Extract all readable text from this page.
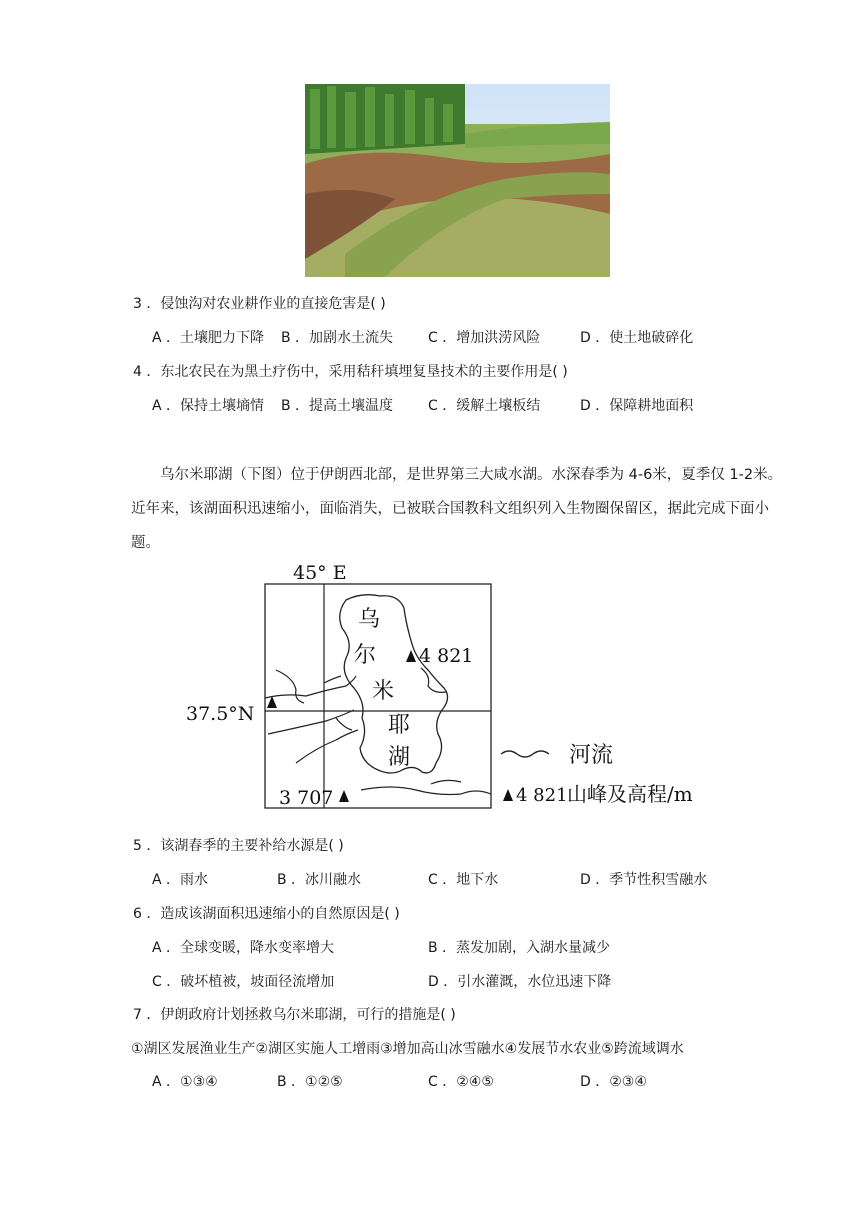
3 ．侵蚀沟对农业耕作业的直接危害是( )
A ．土壤肥力下降 B ．加剧水土流失 C ．增加洪涝风险	D ．使土地破碎化
4 ．东北农民在为黑土疗伤中，采用秸秆填埋复垦技术的主要作用是( )
A ．保持土壤墒情 B ．提高土壤温度 C ．缓解土壤板结	D ．保障耕地面积

乌尔米耶湖（下图）位于伊朗西北部，是世界第三大咸水湖。水深春季为 4-6米，夏季仅 1-2米。近年来，该湖面积迅速缩小，面临消失，已被联合国教科文组织列入生物圈保留区，据此完成下面小题。

45° E
37.5°N
乌
尔
米
耶
湖
4 821
3 707
河流
4 821 山峰及高程/m
5 ．该湖春季的主要补给水源是( )
A ．雨水	B ．冰川融水	C ．地下水	D ．季节性积雪融水
6 ．造成该湖面积迅速缩小的自然原因是( )
A ．全球变暖，降水变率增大	B ．蒸发加剧，入湖水量减少
C ．破坏植被，坡面径流增加	D ．引水灌溉，水位迅速下降
7 ．伊朗政府计划拯救乌尔米耶湖，可行的措施是( )
①湖区发展渔业生产②湖区实施人工增雨③增加高山冰雪融水④发展节水农业⑤跨流域调水
A ．①③④	B ．①②⑤	C ．②④⑤	D ．②③④
